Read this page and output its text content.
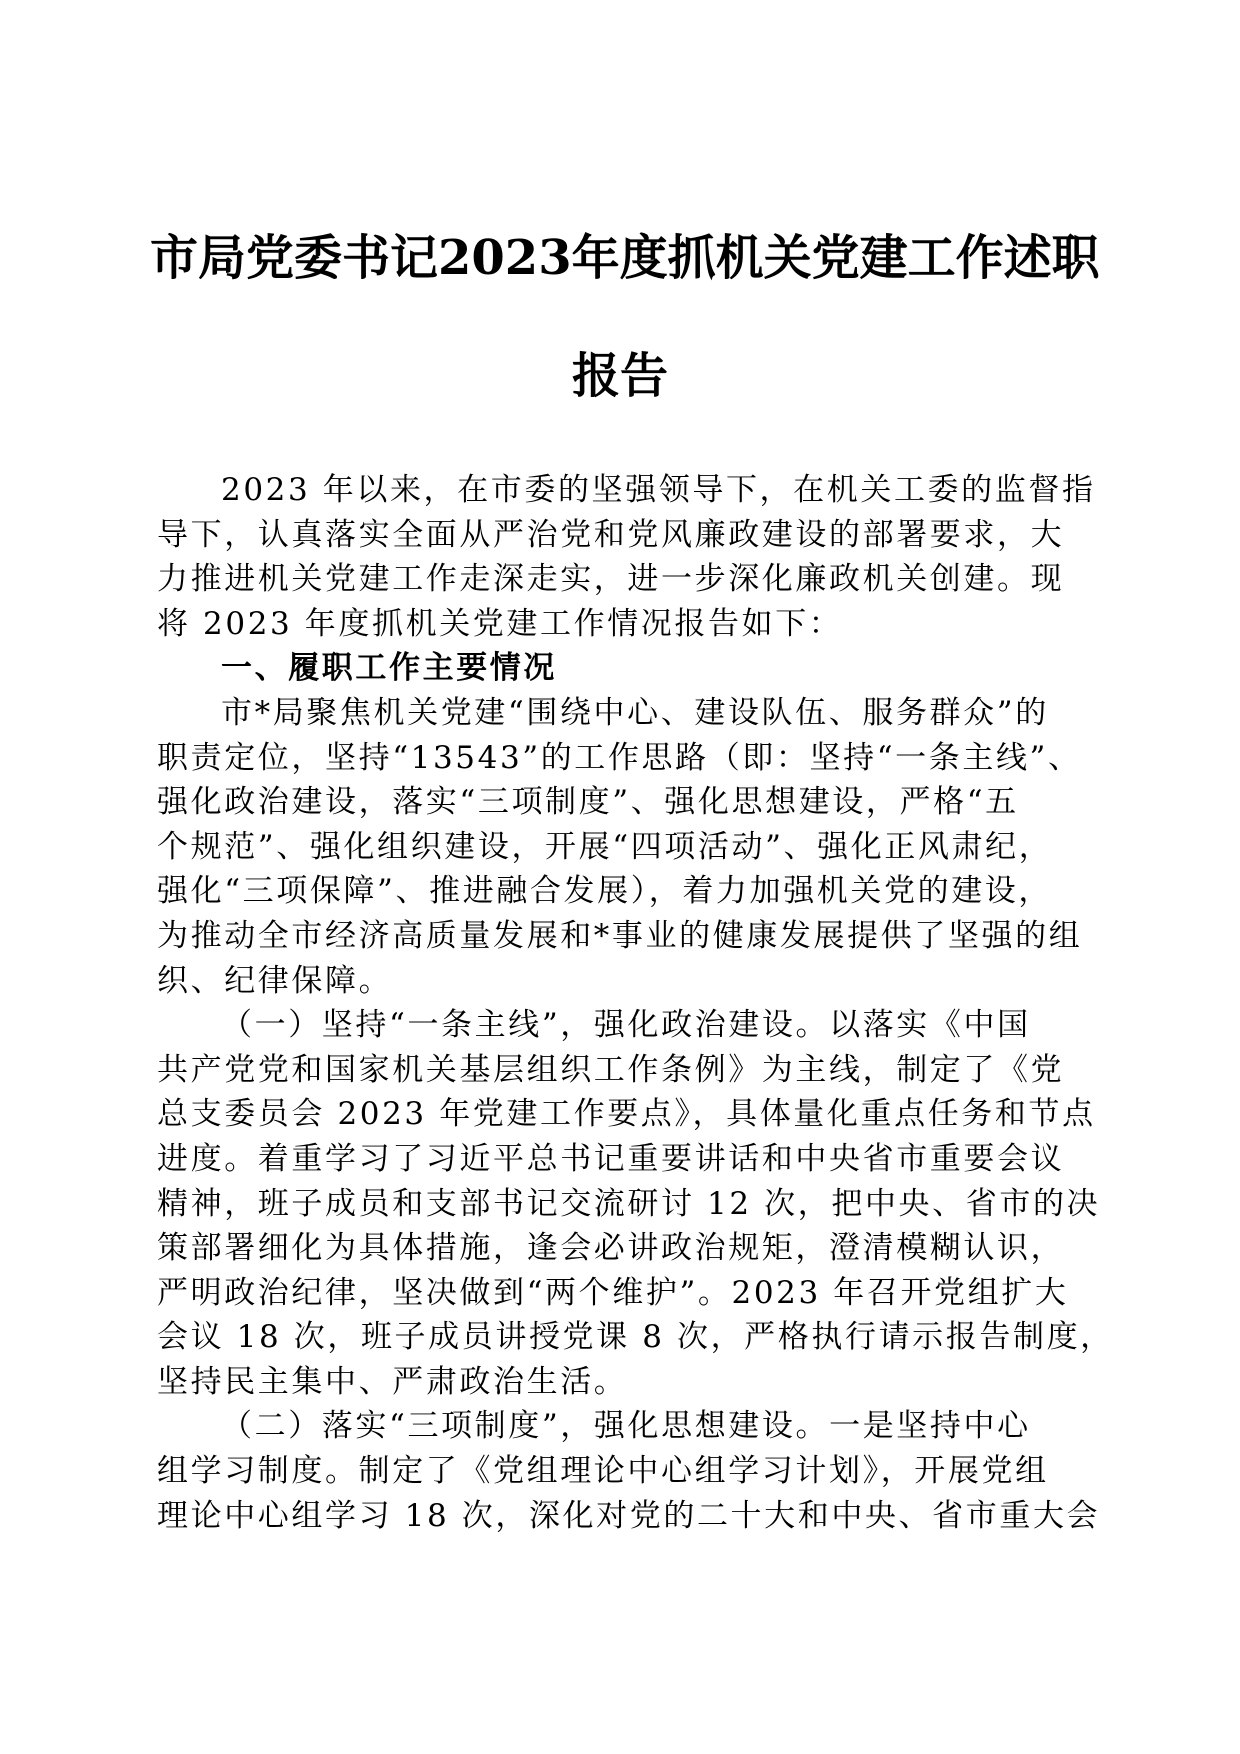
市局党委书记2023年度抓机关党建工作述职
报告
2023 年以来，在市委的坚强领导下，在机关工委的监督指
导下，认真落实全面从严治党和党风廉政建设的部署要求，大
力推进机关党建工作走深走实，进一步深化廉政机关创建。现
将 2023 年度抓机关党建工作情况报告如下：
一、履职工作主要情况
市*局聚焦机关党建“围绕中心、建设队伍、服务群众”的
职责定位，坚持“13543”的工作思路（即：坚持“一条主线”、
强化政治建设，落实“三项制度”、强化思想建设，严格“五
个规范”、强化组织建设，开展“四项活动”、强化正风肃纪，
强化“三项保障”、推进融合发展），着力加强机关党的建设，
为推动全市经济高质量发展和*事业的健康发展提供了坚强的组
织、纪律保障。
（一）坚持“一条主线”，强化政治建设。以落实《中国
共产党党和国家机关基层组织工作条例》为主线，制定了《党
总支委员会 2023 年党建工作要点》，具体量化重点任务和节点
进度。着重学习了习近平总书记重要讲话和中央省市重要会议
精神，班子成员和支部书记交流研讨 12 次，把中央、省市的决
策部署细化为具体措施，逢会必讲政治规矩，澄清模糊认识，
严明政治纪律，坚决做到“两个维护”。2023 年召开党组扩大
会议 18 次，班子成员讲授党课 8 次，严格执行请示报告制度，
坚持民主集中、严肃政治生活。
（二）落实“三项制度”，强化思想建设。一是坚持中心
组学习制度。制定了《党组理论中心组学习计划》，开展党组
理论中心组学习 18 次，深化对党的二十大和中央、省市重大会
